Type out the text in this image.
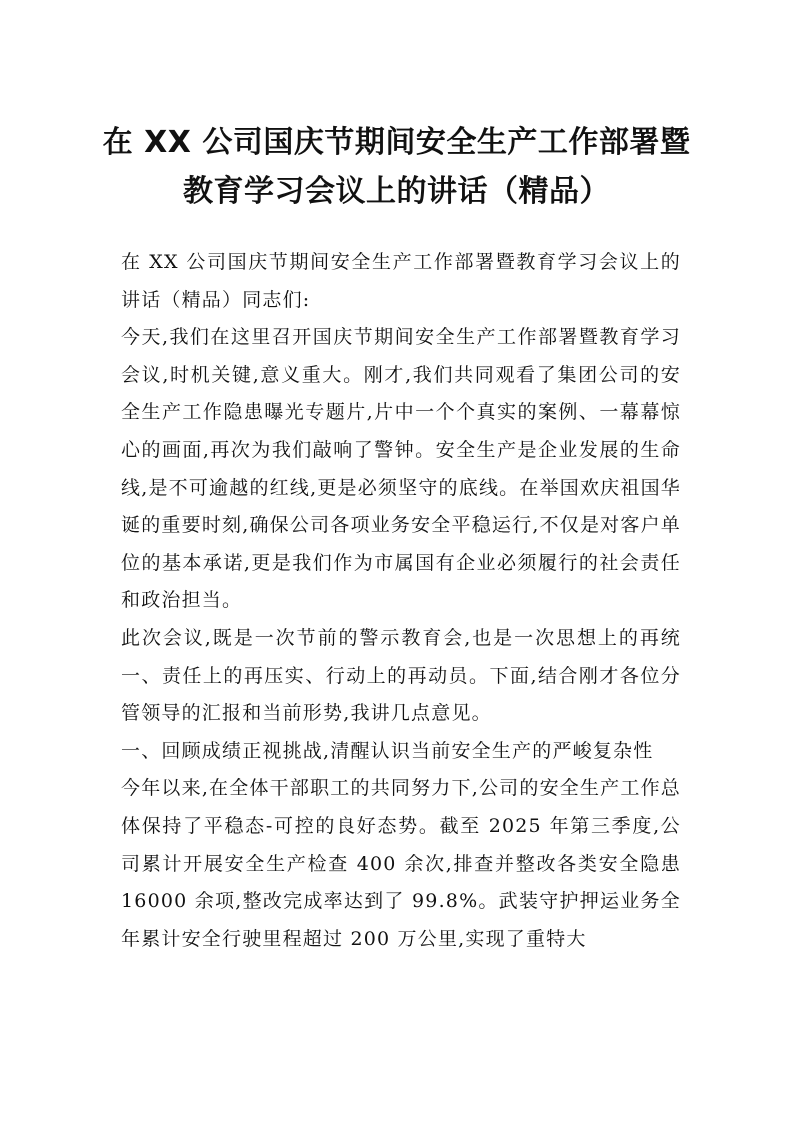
在 XX 公司国庆节期间安全生产工作部署暨
教育学习会议上的讲话（精品）

在 XX 公司国庆节期间安全生产工作部署暨教育学习会议上的讲话（精品）同志们:

今天,我们在这里召开国庆节期间安全生产工作部署暨教育学习会议,时机关键,意义重大。刚才,我们共同观看了集团公司的安全生产工作隐患曝光专题片,片中一个个真实的案例、一幕幕惊心的画面,再次为我们敲响了警钟。安全生产是企业发展的生命线,是不可逾越的红线,更是必须坚守的底线。在举国欢庆祖国华诞的重要时刻,确保公司各项业务安全平稳运行,不仅是对客户单位的基本承诺,更是我们作为市属国有企业必须履行的社会责任和政治担当。

此次会议,既是一次节前的警示教育会,也是一次思想上的再统一、责任上的再压实、行动上的再动员。下面,结合刚才各位分管领导的汇报和当前形势,我讲几点意见。

一、回顾成绩正视挑战,清醒认识当前安全生产的严峻复杂性

今年以来,在全体干部职工的共同努力下,公司的安全生产工作总体保持了平稳态-可控的良好态势。截至 2025 年第三季度,公司累计开展安全生产检查 400 余次,排查并整改各类安全隐患 16000 余项,整改完成率达到了 99.8%。武装守护押运业务全年累计安全行驶里程超过 200 万公里,实现了重特大
